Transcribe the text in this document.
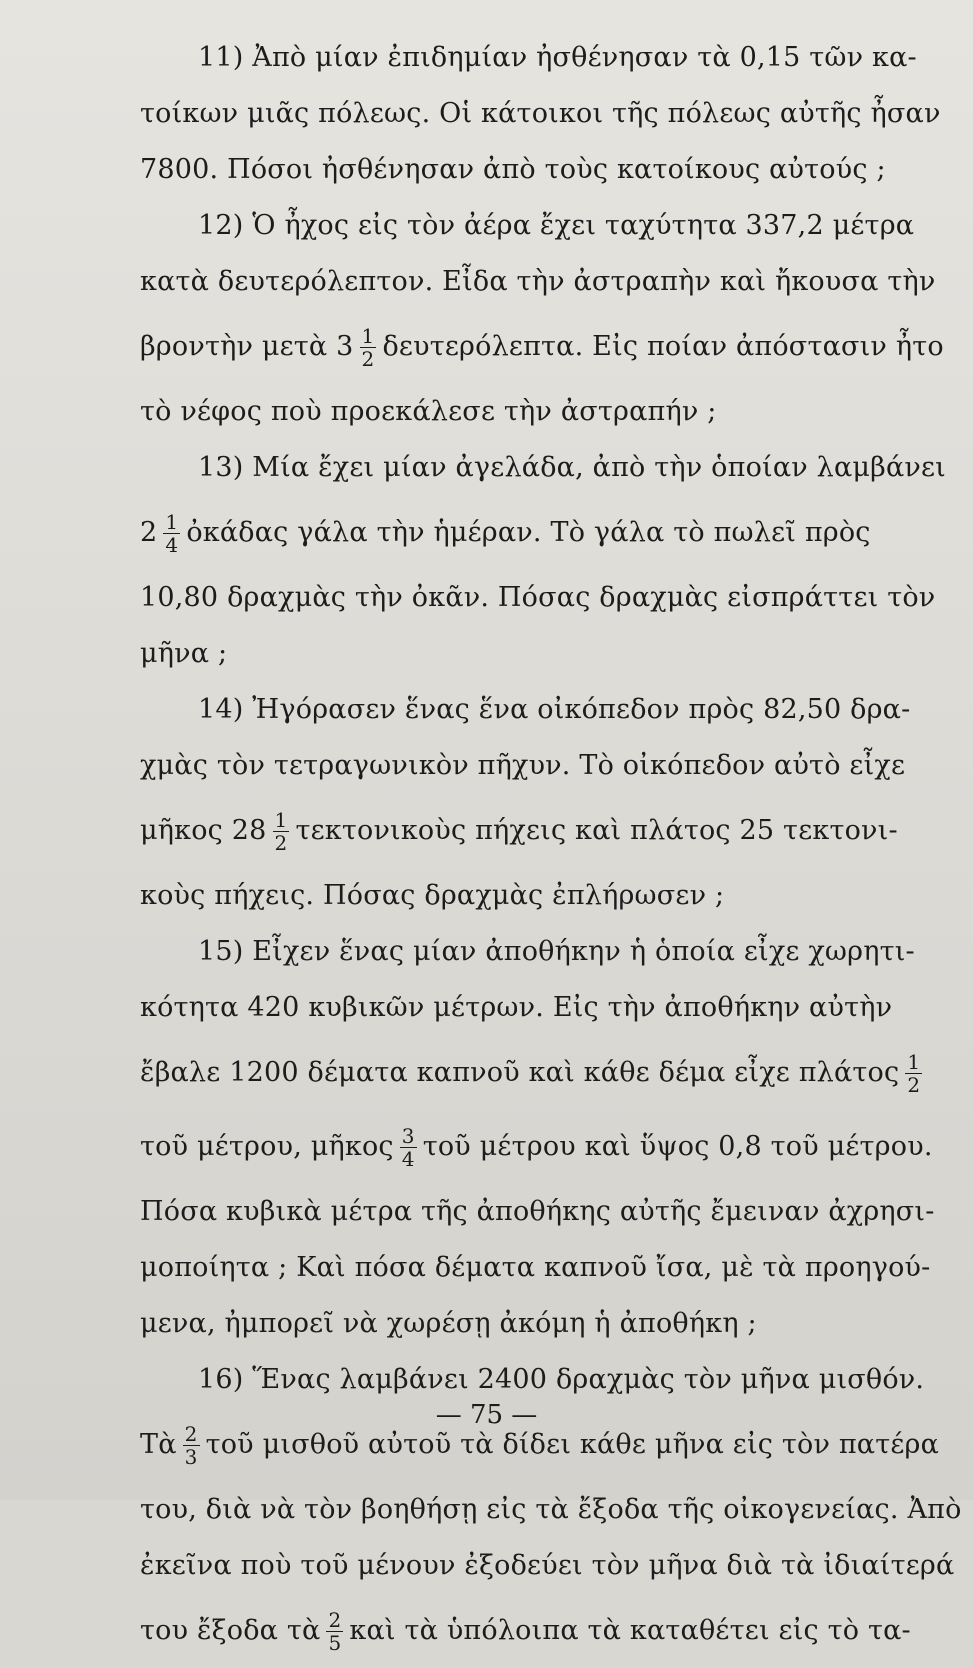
11) Ἀπὸ μίαν ἐπιδημίαν ἠσθένησαν τὰ 0,15 τῶν κα-
τοίκων μιᾶς πόλεως. Οἱ κάτοικοι τῆς πόλεως αὐτῆς ἦσαν
7800. Πόσοι ἠσθένησαν ἀπὸ τοὺς κατοίκους αὐτούς ;
12) Ὁ ἦχος εἰς τὸν ἀέρα ἔχει ταχύτητα 337,2 μέτρα
κατὰ δευτερόλεπτον. Εἶδα τὴν ἀστραπὴν καὶ ἤκουσα τὴν
βροντὴν μετὰ $3 \frac{1}{2} \delta\varepsilon\upsilon\tau\varepsilon\rho ό\lambda\varepsilon\pi\tau\alpha$. Εἰς ποίαν ἀπόστασιν ἦτο
τὸ νέφος ποὺ προεκάλεσε τὴν ἀστραπήν ;
13) Μία ἔχει μίαν ἀγελάδα, ἀπὸ τὴν ὁποίαν λαμβάνει
$2 \frac{1}{4}$ ὀκάδας γάλα τὴν ἡμέραν. Τὸ γάλα τὸ πωλεῖ πρὸς
10,80 δραχμὰς τὴν ὀκᾶν. Πόσας δραχμὰς εἰσπράττει τὸν
μῆνα ;
14) Ἠγόρασεν ἕνας ἕνα οἰκόπεδον πρὸς 82,50 δρα-
χμὰς τὸν τετραγωνικὸν πῆχυν. Τὸ οἰκόπεδον αὐτὸ εἶχε
μῆκος $28 \frac{1}{2}$ τεκτονικοὺς πήχεις καὶ πλάτος 25 τεκτονι-
κοὺς πήχεις. Πόσας δραχμὰς ἐπλήρωσεν ;
15) Εἶχεν ἕνας μίαν ἀποθήκην ἡ ὁποία εἶχε χωρητι-
κότητα 420 κυβικῶν μέτρων. Εἰς τὴν ἀποθήκην αὐτὴν
ἔβαλε 1200 δέματα καπνοῦ καὶ κάθε δέμα εἶχε πλάτος $\frac{1}{2}$
τοῦ μέτρου, μῆκος $\frac{3}{4}$ τοῦ μέτρου καὶ ὕψος 0,8 τοῦ μέτρου.
Πόσα κυβικὰ μέτρα τῆς ἀποθήκης αὐτῆς ἔμειναν ἀχρησι-
μοποίητα ; Καὶ πόσα δέματα καπνοῦ ἴσα, μὲ τὰ προηγού-
μενα, ἠμπορεῖ νὰ χωρέσῃ ἀκόμη ἡ ἀποθήκη ;
16) Ἕνας λαμβάνει 2400 δραχμὰς τὸν μῆνα μισθόν.
Τὰ $\frac{2}{3}$ τοῦ μισθοῦ αὐτοῦ τὰ δίδει κάθε μῆνα εἰς τὸν πατέρα
του, διὰ νὰ τὸν βοηθήσῃ εἰς τὰ ἔξοδα τῆς οἰκογενείας. Ἀπὸ
ἐκεῖνα ποὺ τοῦ μένουν ἐξοδεύει τὸν μῆνα διὰ τὰ ἰδιαίτερά
του ἔξοδα τὰ $\frac{2}{5}$ καὶ τὰ ὑπόλοιπα τὰ καταθέτει εἰς τὸ τα-
— 75 —
